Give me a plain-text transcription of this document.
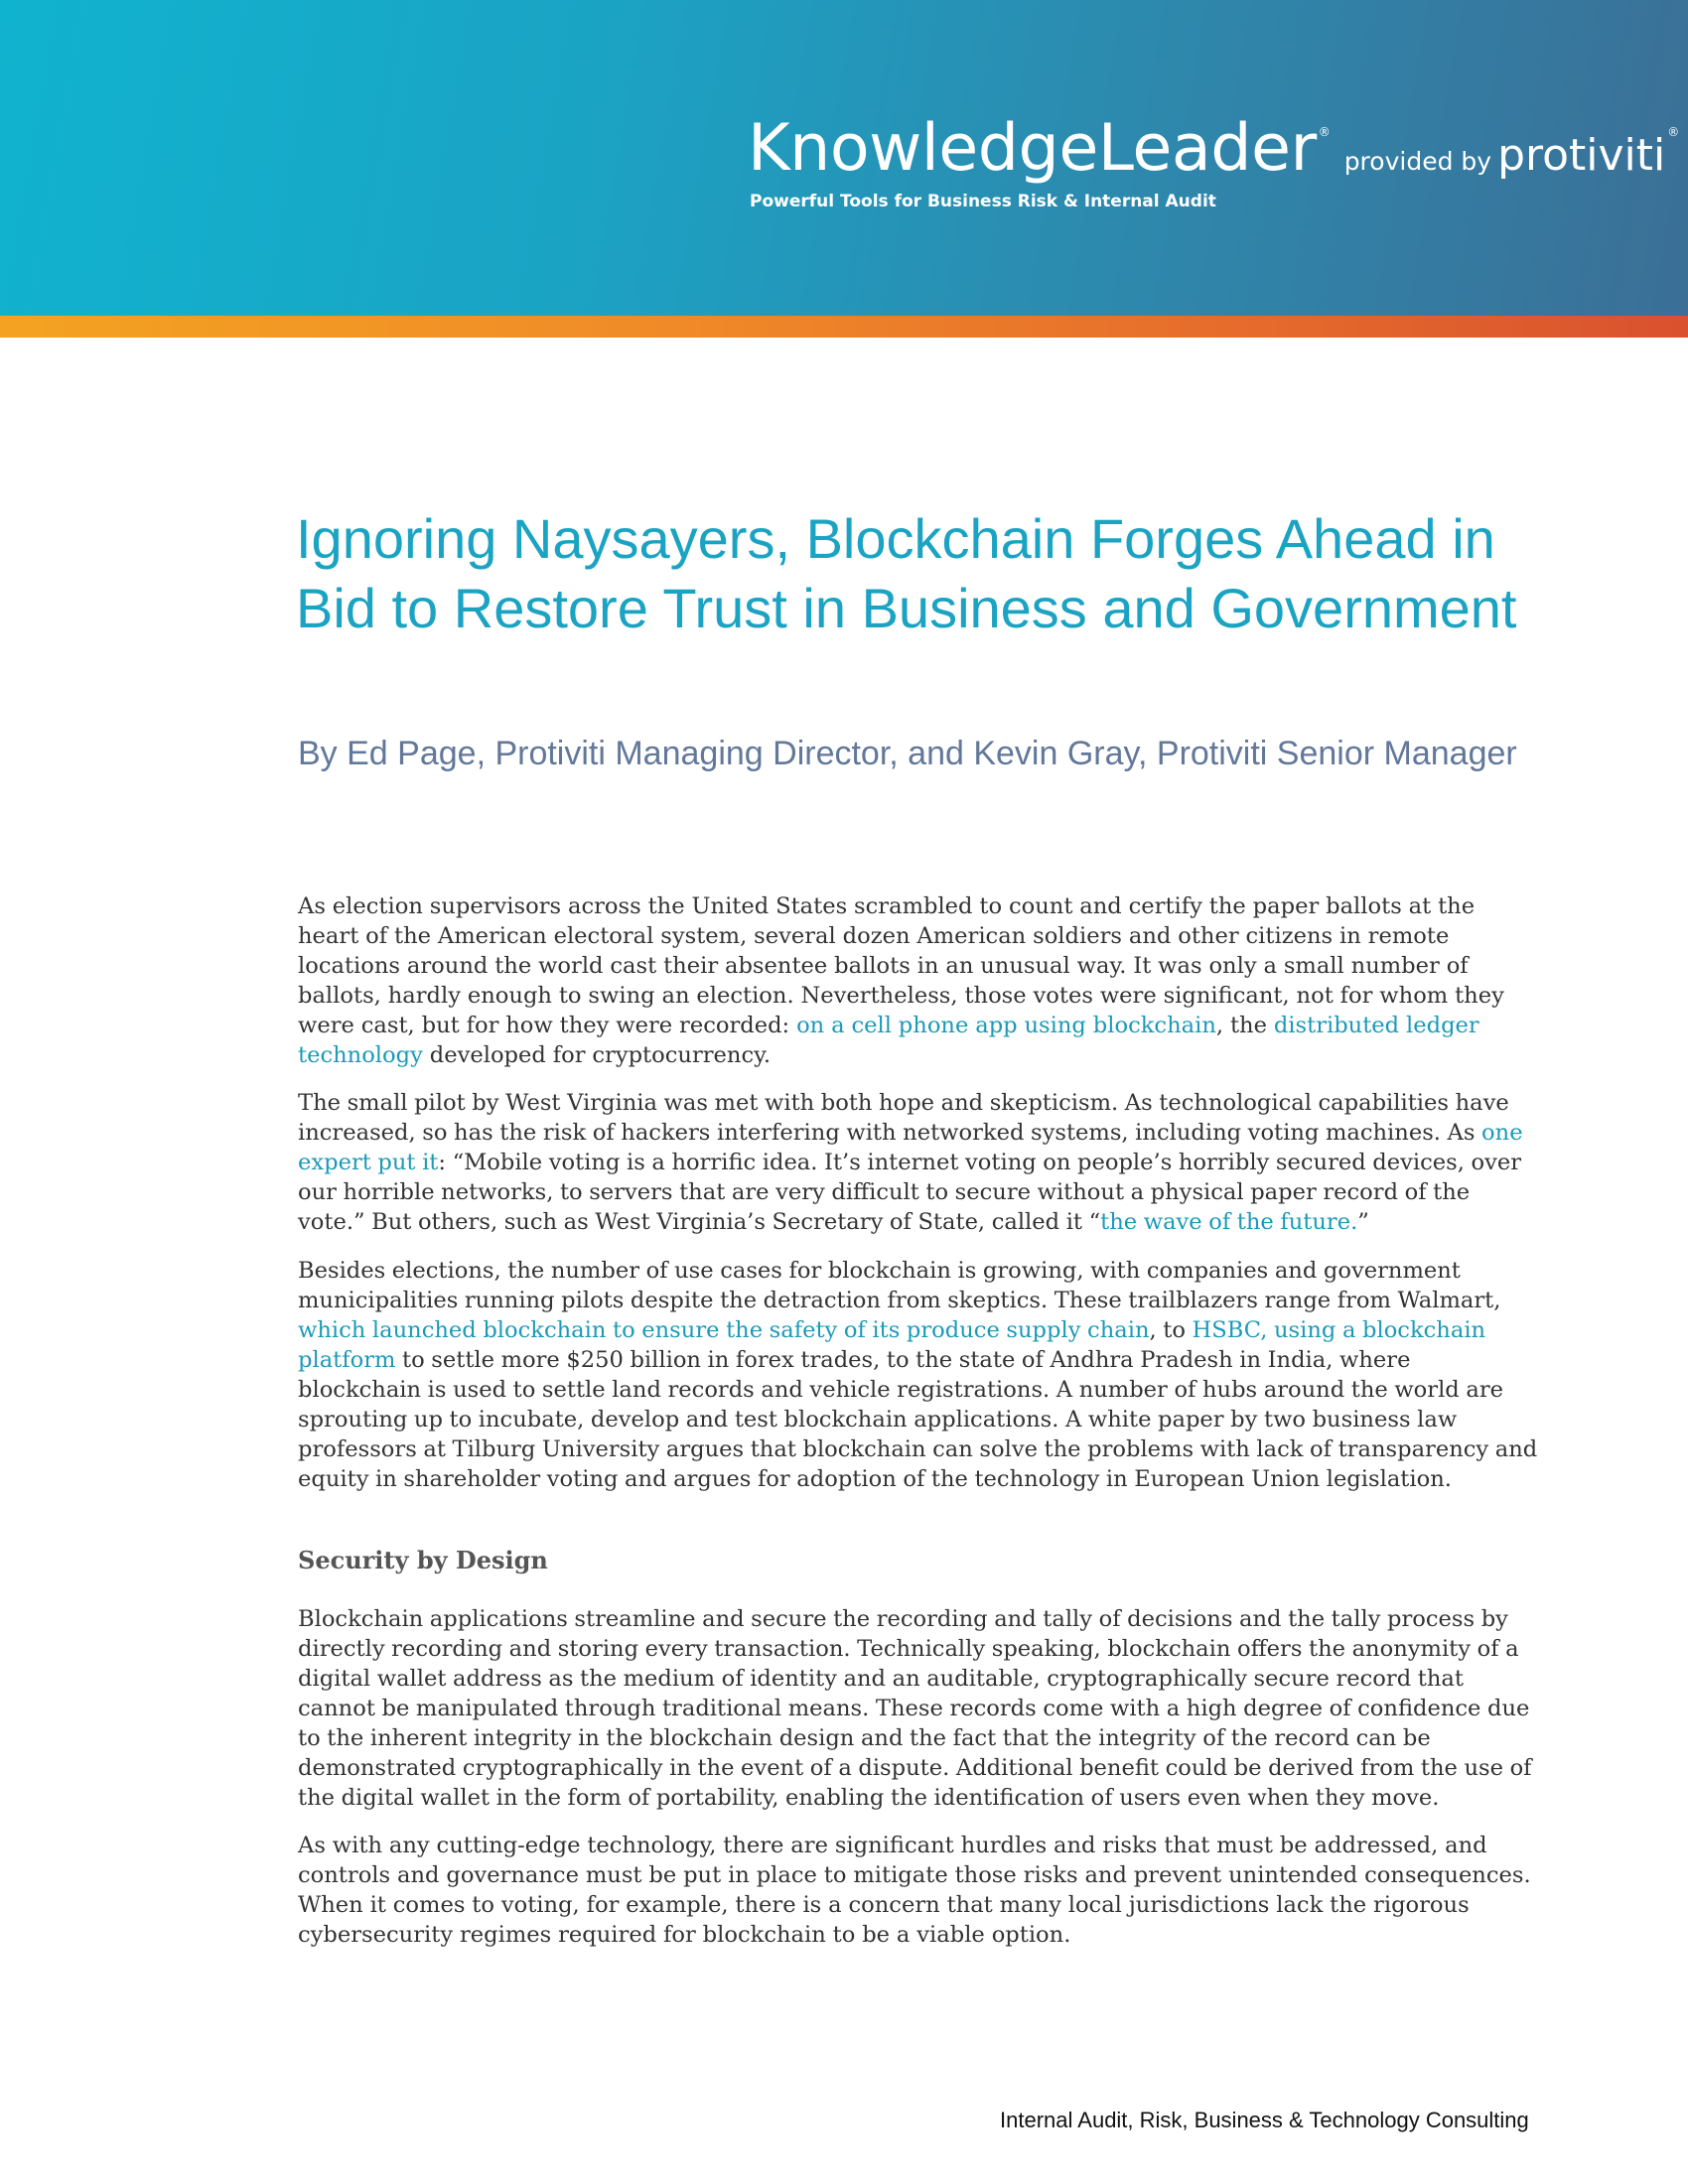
KnowledgeLeader ®provided by protiviti ®
Powerful Tools for Business Risk & Internal Audit
Ignoring Naysayers, Blockchain Forges Ahead in Bid to Restore Trust in Business and Government

By Ed Page, Protiviti Managing Director, and Kevin Gray, Protiviti Senior Manager

As election supervisors across the United States scrambled to count and certify the paper ballots at the heart of the American electoral system, several dozen American soldiers and other citizens in remote locations around the world cast their absentee ballots in an unusual way. It was only a small number of ballots, hardly enough to swing an election. Nevertheless, those votes were significant, not for whom they were cast, but for how they were recorded: on a cell phone app using blockchain, the distributed ledger technology developed for cryptocurrency.

The small pilot by West Virginia was met with both hope and skepticism. As technological capabilities have increased, so has the risk of hackers interfering with networked systems, including voting machines. As one expert put it: “Mobile voting is a horrific idea. It’s internet voting on people’s horribly secured devices, over our horrible networks, to servers that are very difficult to secure without a physical paper record of the vote.” But others, such as West Virginia’s Secretary of State, called it “the wave of the future.”

Besides elections, the number of use cases for blockchain is growing, with companies and government municipalities running pilots despite the detraction from skeptics. These trailblazers range from Walmart, which launched blockchain to ensure the safety of its produce supply chain, to HSBC, using a blockchain platform to settle more $250 billion in forex trades, to the state of Andhra Pradesh in India, where blockchain is used to settle land records and vehicle registrations. A number of hubs around the world are sprouting up to incubate, develop and test blockchain applications. A white paper by two business law professors at Tilburg University argues that blockchain can solve the problems with lack of transparency and equity in shareholder voting and argues for adoption of the technology in European Union legislation.

Security by Design

Blockchain applications streamline and secure the recording and tally of decisions and the tally process by directly recording and storing every transaction. Technically speaking, blockchain offers the anonymity of a digital wallet address as the medium of identity and an auditable, cryptographically secure record that cannot be manipulated through traditional means. These records come with a high degree of confidence due to the inherent integrity in the blockchain design and the fact that the integrity of the record can be demonstrated cryptographically in the event of a dispute. Additional benefit could be derived from the use of the digital wallet in the form of portability, enabling the identification of users even when they move.

As with any cutting-edge technology, there are significant hurdles and risks that must be addressed, and controls and governance must be put in place to mitigate those risks and prevent unintended consequences. When it comes to voting, for example, there is a concern that many local jurisdictions lack the rigorous cybersecurity regimes required for blockchain to be a viable option.

Internal Audit, Risk, Business & Technology Consulting
